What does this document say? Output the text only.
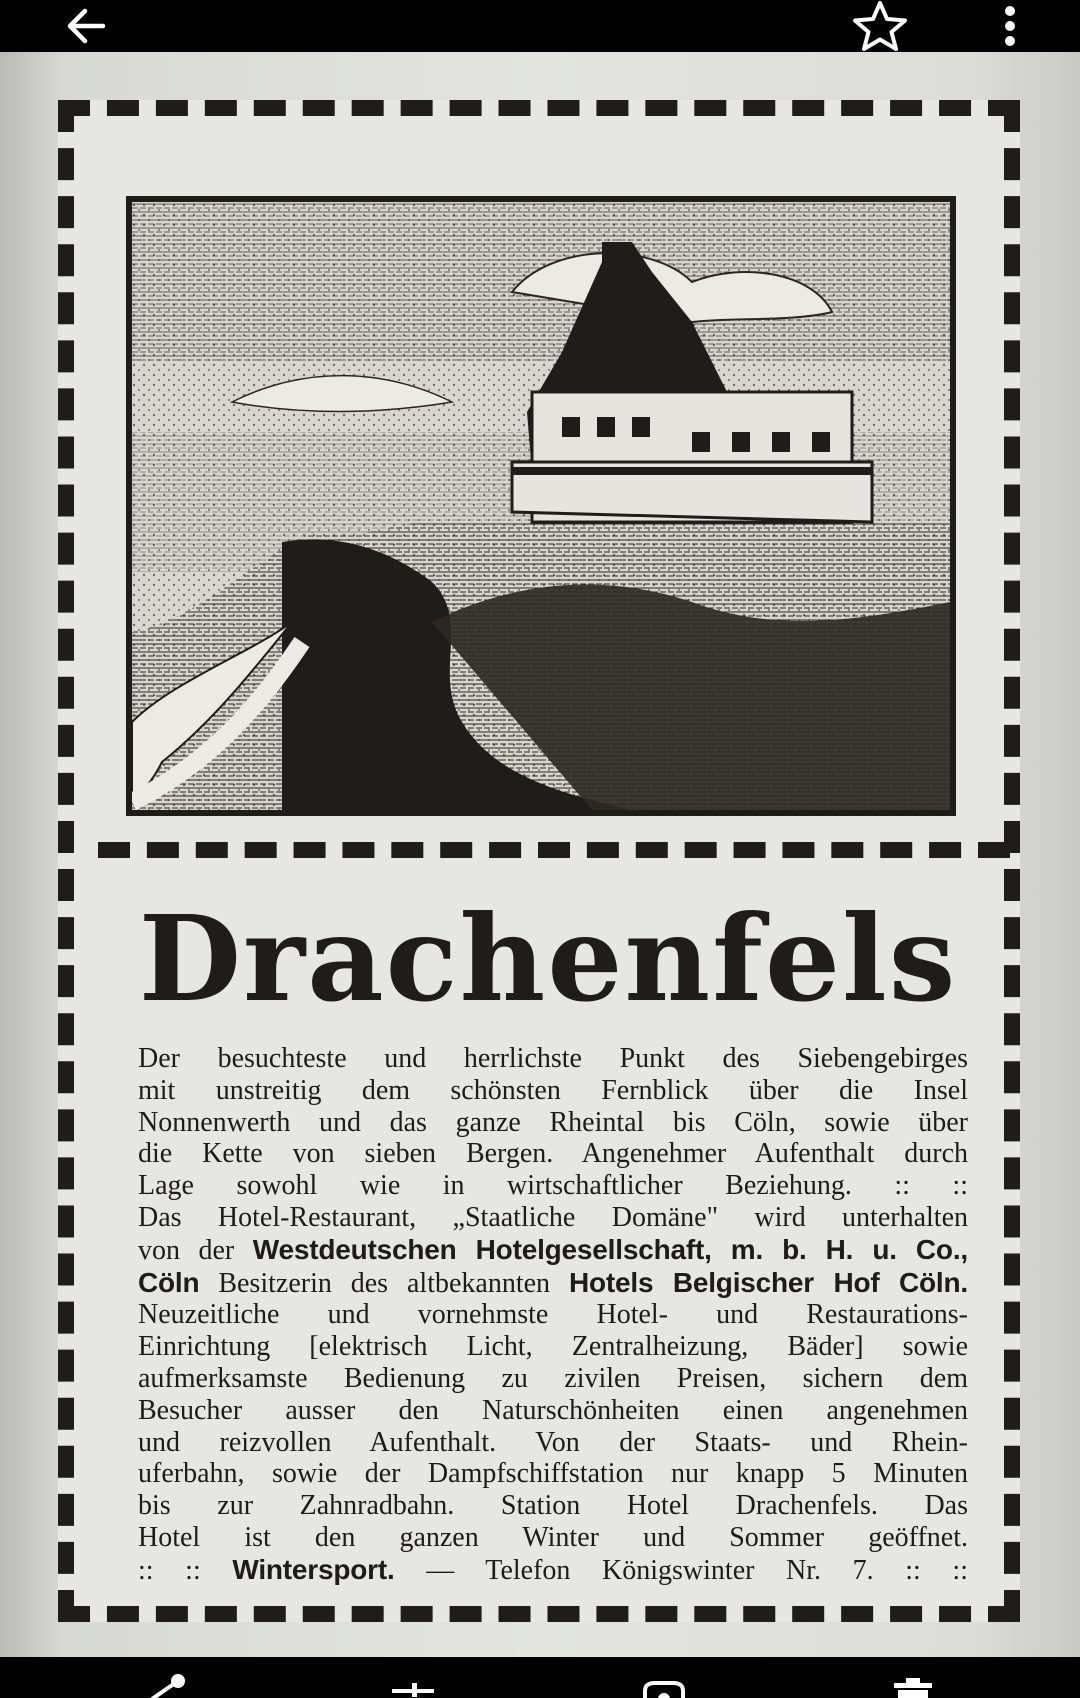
Drachenfels
Der besuchteste und herrlichste Punkt des Siebengebirges
mit unstreitig dem schönsten Fernblick über die Insel
Nonnenwerth und das ganze Rheintal bis Cöln, sowie über
die Kette von sieben Bergen. Angenehmer Aufenthalt durch
Lage sowohl wie in wirtschaftlicher Beziehung. :: ::
Das Hotel-Restaurant, „Staatliche Domäne" wird unterhalten
von der Westdeutschen Hotelgesellschaft, m. b. H. u. Co.,
Cöln Besitzerin des altbekannten Hotels Belgischer Hof Cöln.
Neuzeitliche und vornehmste Hotel- und Restaurations-
Einrichtung [elektrisch Licht, Zentralheizung, Bäder] sowie
aufmerksamste Bedienung zu zivilen Preisen, sichern dem
Besucher ausser den Naturschönheiten einen angenehmen
und reizvollen Aufenthalt. Von der Staats- und Rhein-
uferbahn, sowie der Dampfschiffstation nur knapp 5 Minuten
bis zur Zahnradbahn. Station Hotel Drachenfels. Das
Hotel ist den ganzen Winter und Sommer geöffnet.
:: :: Wintersport. — Telefon Königswinter Nr. 7. :: ::
